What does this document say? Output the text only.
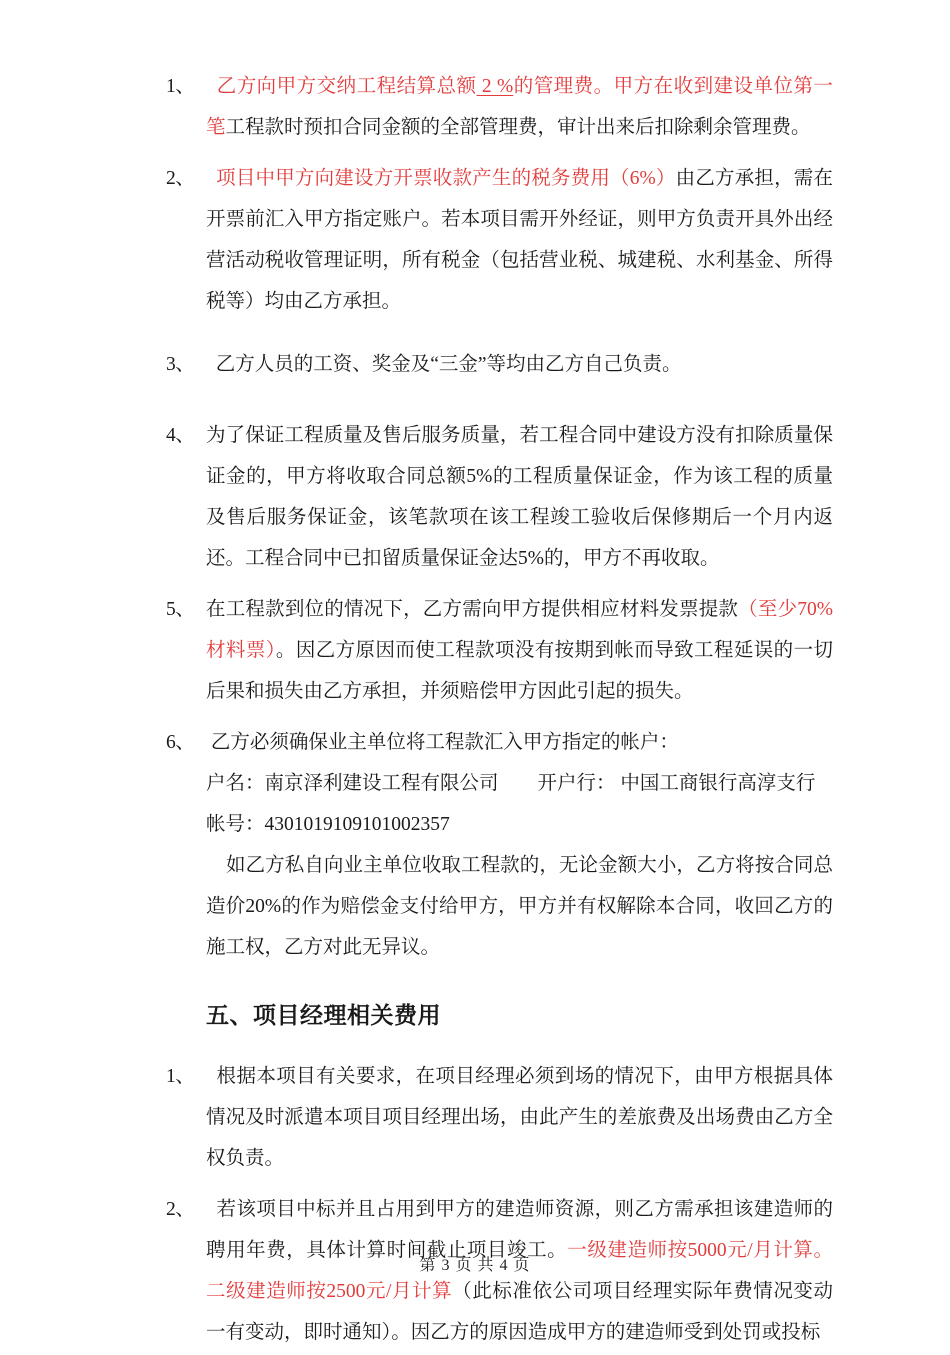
1、	乙方向甲方交纳工程结算总额 2 %的管理费。甲方在收到建设单位第一笔工程款时预扣合同金额的全部管理费，审计出来后扣除剩余管理费。
2、	项目中甲方向建设方开票收款产生的税务费用（6%）由乙方承担，需在开票前汇入甲方指定账户。若本项目需开外经证，则甲方负责开具外出经营活动税收管理证明，所有税金（包括营业税、城建税、水利基金、所得税等）均由乙方承担。
3、	乙方人员的工资、奖金及“三金”等均由乙方自己负责。
4、 为了保证工程质量及售后服务质量，若工程合同中建设方没有扣除质量保证金的，甲方将收取合同总额5%的工程质量保证金，作为该工程的质量及售后服务保证金，该笔款项在该工程竣工验收后保修期后一个月内返还。工程合同中已扣留质量保证金达5%的，甲方不再收取。
5、 在工程款到位的情况下，乙方需向甲方提供相应材料发票提款（至少70%材料票）。因乙方原因而使工程款项没有按期到帐而导致工程延误的一切后果和损失由乙方承担，并须赔偿甲方因此引起的损失。
6、 乙方必须确保业主单位将工程款汇入甲方指定的帐户：
户名：南京泽利建设工程有限公司 开户行： 中国工商银行高淳支行
帐号：4301019109101002357
如乙方私自向业主单位收取工程款的，无论金额大小，乙方将按合同总造价20%的作为赔偿金支付给甲方，甲方并有权解除本合同，收回乙方的施工权，乙方对此无异议。
五、项目经理相关费用
1、	根据本项目有关要求，在项目经理必须到场的情况下，由甲方根据具体情况及时派遣本项目项目经理出场，由此产生的差旅费及出场费由乙方全权负责。
2、	若该项目中标并且占用到甲方的建造师资源，则乙方需承担该建造师的聘用年费，具体计算时间截止项目竣工。一级建造师按5000元/月计算。二级建造师按2500元/月计算（此标准依公司项目经理实际年费情况变动一有变动，即时通知）。因乙方的原因造成甲方的建造师受到处罚或投标
第 3 页 共 4 页
